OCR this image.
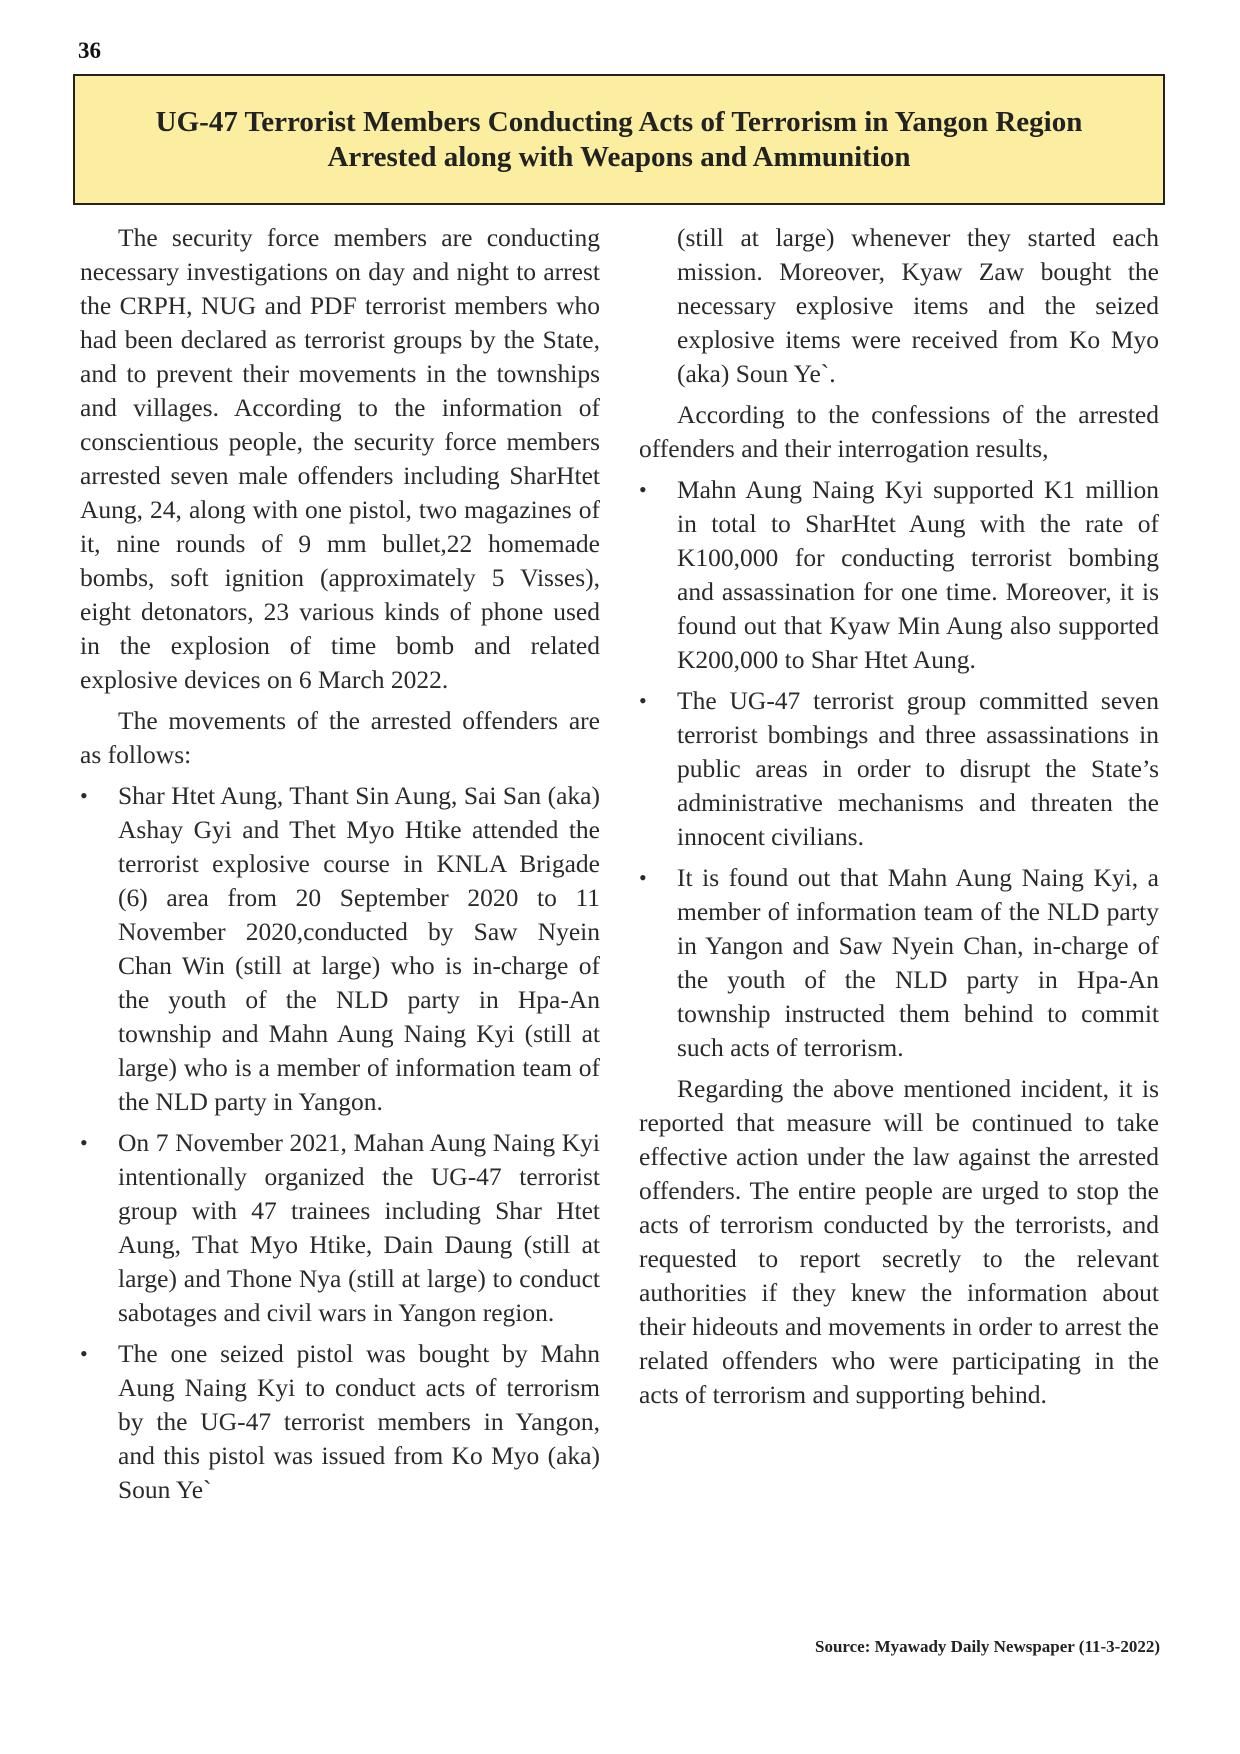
36
UG-47 Terrorist Members Conducting Acts of Terrorism in Yangon Region
Arrested along with Weapons and Ammunition

The security force members are conducting necessary investigations on day and night to arrest the CRPH, NUG and PDF terrorist members who had been declared as terrorist groups by the State, and to prevent their movements in the townships and villages. According to the information of conscientious people, the security force members arrested seven male offenders including SharHtet Aung, 24, along with one pistol, two magazines of it, nine rounds of 9 mm bullet,22 homemade bombs, soft ignition (approximately 5 Visses), eight detonators, 23 various kinds of phone used in the explosion of time bomb and related explosive devices on 6 March 2022.

The movements of the arrested offenders are as follows:

• Shar Htet Aung, Thant Sin Aung, Sai San (aka) Ashay Gyi and Thet Myo Htike attended the terrorist explosive course in KNLA Brigade (6) area from 20 September 2020 to 11 November 2020,conducted by Saw Nyein Chan Win (still at large) who is in-charge of the youth of the NLD party in Hpa-An township and Mahn Aung Naing Kyi (still at large) who is a member of information team of the NLD party in Yangon.
• On 7 November 2021, Mahan Aung Naing Kyi intentionally organized the UG-47 terrorist group with 47 trainees including Shar Htet Aung, That Myo Htike, Dain Daung (still at large) and Thone Nya (still at large) to conduct sabotages and civil wars in Yangon region.
• The one seized pistol was bought by Mahn Aung Naing Kyi to conduct acts of terrorism by the UG-47 terrorist members in Yangon, and this pistol was issued from Ko Myo (aka) Soun Ye`

(still at large) whenever they started each mission. Moreover, Kyaw Zaw bought the necessary explosive items and the seized explosive items were received from Ko Myo (aka) Soun Ye`.

According to the confessions of the arrested offenders and their interrogation results,

• Mahn Aung Naing Kyi supported K1 million in total to SharHtet Aung with the rate of K100,000 for conducting terrorist bombing and assassination for one time. Moreover, it is found out that Kyaw Min Aung also supported K200,000 to Shar Htet Aung.
• The UG-47 terrorist group committed seven terrorist bombings and three assassinations in public areas in order to disrupt the State’s administrative mechanisms and threaten the innocent civilians.
• It is found out that Mahn Aung Naing Kyi, a member of information team of the NLD party in Yangon and Saw Nyein Chan, in-charge of the youth of the NLD party in Hpa-An township instructed them behind to commit such acts of terrorism.

Regarding the above mentioned incident, it is reported that measure will be continued to take effective action under the law against the arrested offenders. The entire people are urged to stop the acts of terrorism conducted by the terrorists, and requested to report secretly to the relevant authorities if they knew the information about their hideouts and movements in order to arrest the related offenders who were participating in the acts of terrorism and supporting behind.

Source: Myawady Daily Newspaper (11-3-2022)
